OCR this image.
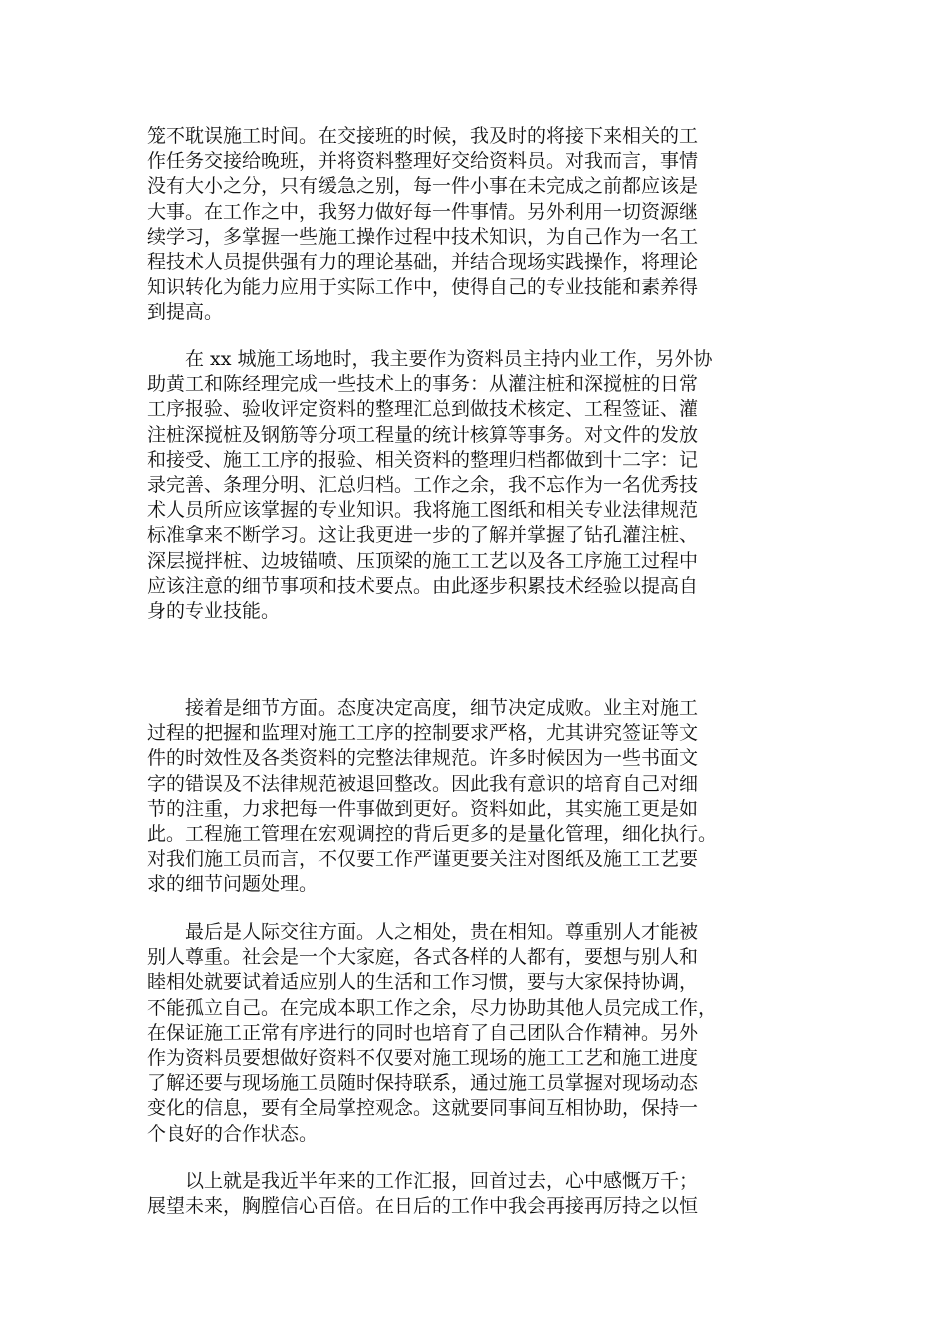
笼不耽误施工时间。在交接班的时候，我及时的将接下来相关的工
作任务交接给晚班，并将资料整理好交给资料员。对我而言，事情
没有大小之分，只有缓急之别，每一件小事在未完成之前都应该是
大事。在工作之中，我努力做好每一件事情。另外利用一切资源继
续学习，多掌握一些施工操作过程中技术知识，为自己作为一名工
程技术人员提供强有力的理论基础，并结合现场实践操作，将理论
知识转化为能力应用于实际工作中，使得自己的专业技能和素养得
到提高。

在 xx 城施工场地时，我主要作为资料员主持内业工作，另外协
助黄工和陈经理完成一些技术上的事务：从灌注桩和深搅桩的日常
工序报验、验收评定资料的整理汇总到做技术核定、工程签证、灌
注桩深搅桩及钢筋等分项工程量的统计核算等事务。对文件的发放
和接受、施工工序的报验、相关资料的整理归档都做到十二字：记
录完善、条理分明、汇总归档。工作之余，我不忘作为一名优秀技
术人员所应该掌握的专业知识。我将施工图纸和相关专业法律规范
标准拿来不断学习。这让我更进一步的了解并掌握了钻孔灌注桩、
深层搅拌桩、边坡锚喷、压顶梁的施工工艺以及各工序施工过程中
应该注意的细节事项和技术要点。由此逐步积累技术经验以提高自
身的专业技能。

接着是细节方面。态度决定高度，细节决定成败。业主对施工
过程的把握和监理对施工工序的控制要求严格，尤其讲究签证等文
件的时效性及各类资料的完整法律规范。许多时候因为一些书面文
字的错误及不法律规范被退回整改。因此我有意识的培育自己对细
节的注重，力求把每一件事做到更好。资料如此，其实施工更是如
此。工程施工管理在宏观调控的背后更多的是量化管理，细化执行。
对我们施工员而言，不仅要工作严谨更要关注对图纸及施工工艺要
求的细节问题处理。

最后是人际交往方面。人之相处，贵在相知。尊重别人才能被
别人尊重。社会是一个大家庭，各式各样的人都有，要想与别人和
睦相处就要试着适应别人的生活和工作习惯，要与大家保持协调，
不能孤立自己。在完成本职工作之余，尽力协助其他人员完成工作，
在保证施工正常有序进行的同时也培育了自己团队合作精神。另外
作为资料员要想做好资料不仅要对施工现场的施工工艺和施工进度
了解还要与现场施工员随时保持联系，通过施工员掌握对现场动态
变化的信息，要有全局掌控观念。这就要同事间互相协助，保持一
个良好的合作状态。

以上就是我近半年来的工作汇报，回首过去，心中感慨万千；
展望未来，胸膛信心百倍。在日后的工作中我会再接再厉持之以恒
